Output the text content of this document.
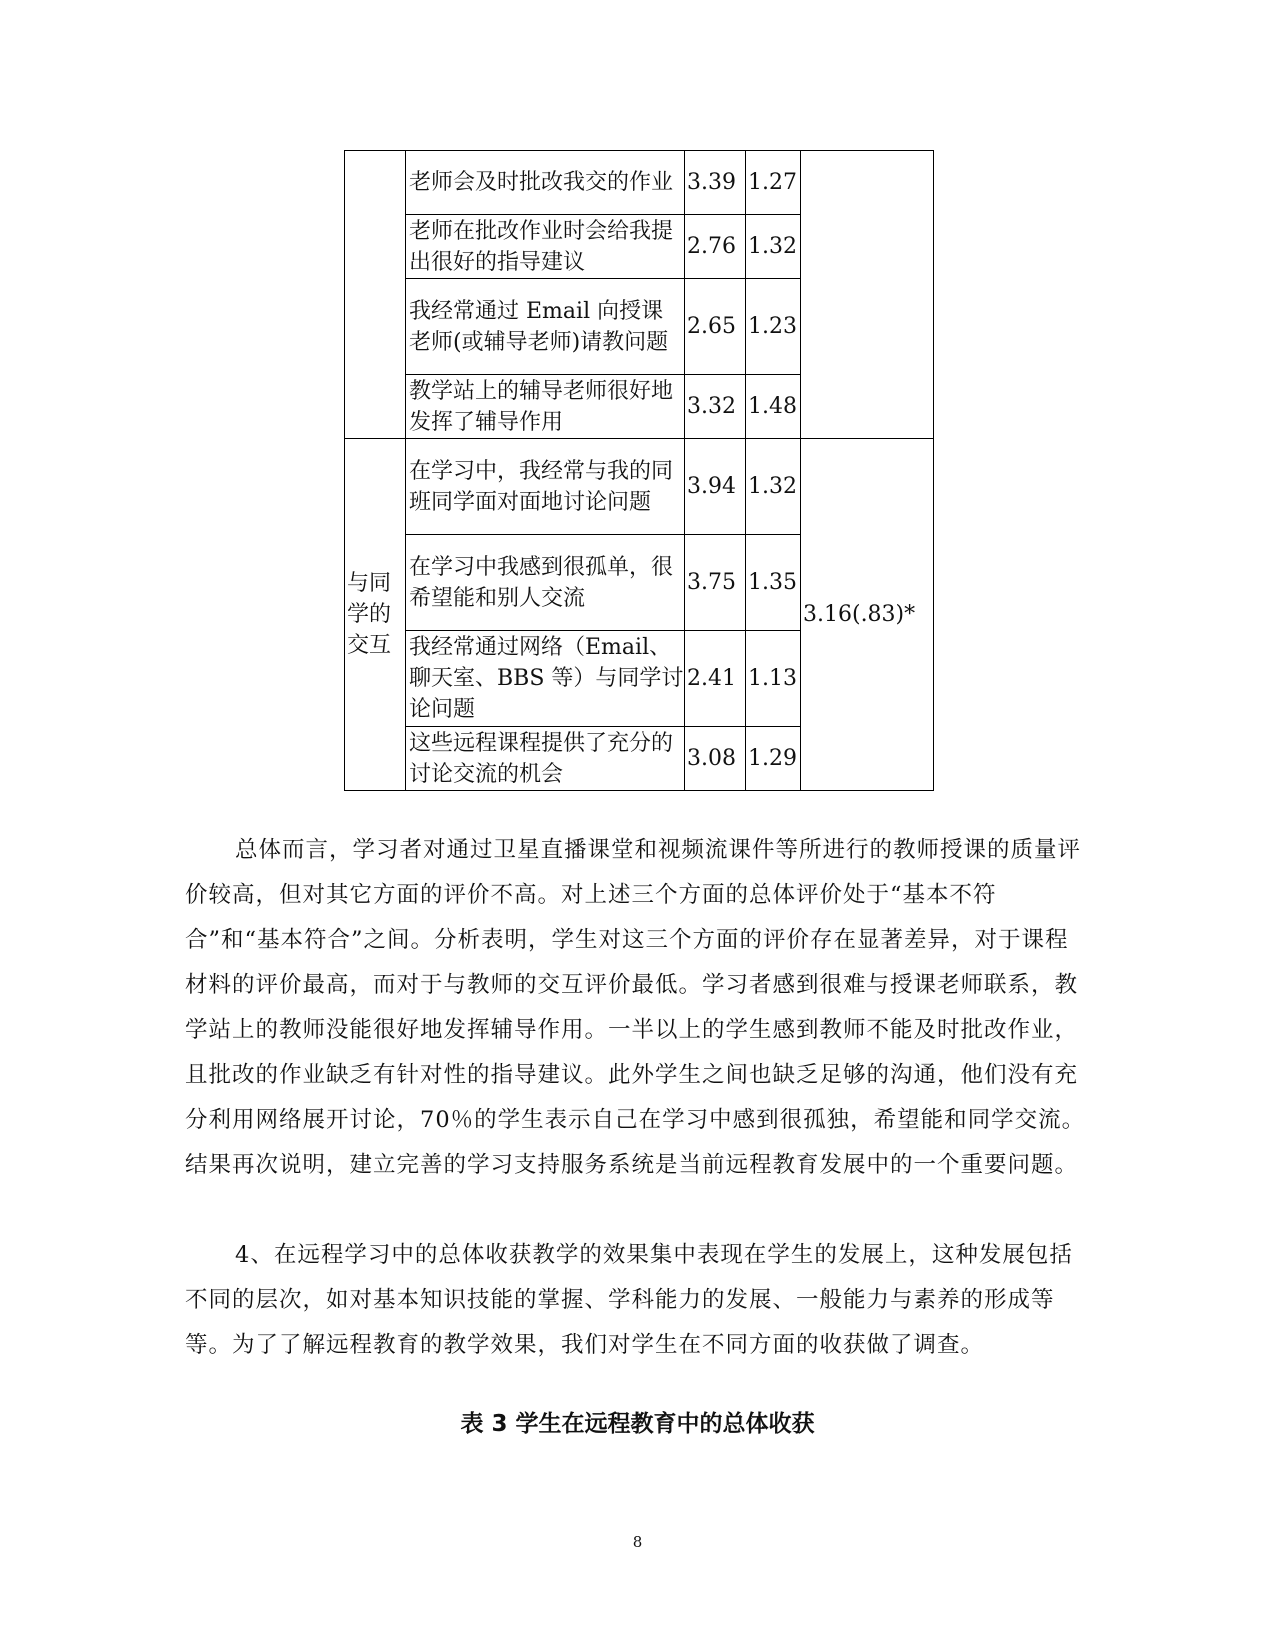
	老师会及时批改我交的作业	3.39	1.27	
	老师在批改作业时会给我提出很好的指导建议	2.76	1.32	
	我经常通过 Email 向授课老师(或辅导老师)请教问题	2.65	1.23	
	教学站上的辅导老师很好地发挥了辅导作用	3.32	1.48	
与同学的交互	在学习中，我经常与我的同班同学面对面地讨论问题	3.94	1.32	3.16(.83)*
	在学习中我感到很孤单，很希望能和别人交流	3.75	1.35	
	我经常通过网络（Email、聊天室、BBS 等）与同学讨论问题	2.41	1.13	
	这些远程课程提供了充分的讨论交流的机会	3.08	1.29	

总体而言，学习者对通过卫星直播课堂和视频流课件等所进行的教师授课的质量评价较高，但对其它方面的评价不高。对上述三个方面的总体评价处于“基本不符合”和“基本符合”之间。分析表明，学生对这三个方面的评价存在显著差异，对于课程材料的评价最高，而对于与教师的交互评价最低。学习者感到很难与授课老师联系，教学站上的教师没能很好地发挥辅导作用。一半以上的学生感到教师不能及时批改作业，且批改的作业缺乏有针对性的指导建议。此外学生之间也缺乏足够的沟通，他们没有充分利用网络展开讨论，70％的学生表示自己在学习中感到很孤独，希望能和同学交流。结果再次说明，建立完善的学习支持服务系统是当前远程教育发展中的一个重要问题。

4、在远程学习中的总体收获教学的效果集中表现在学生的发展上，这种发展包括不同的层次，如对基本知识技能的掌握、学科能力的发展、一般能力与素养的形成等等。为了了解远程教育的教学效果，我们对学生在不同方面的收获做了调查。

表 3 学生在远程教育中的总体收获

8
